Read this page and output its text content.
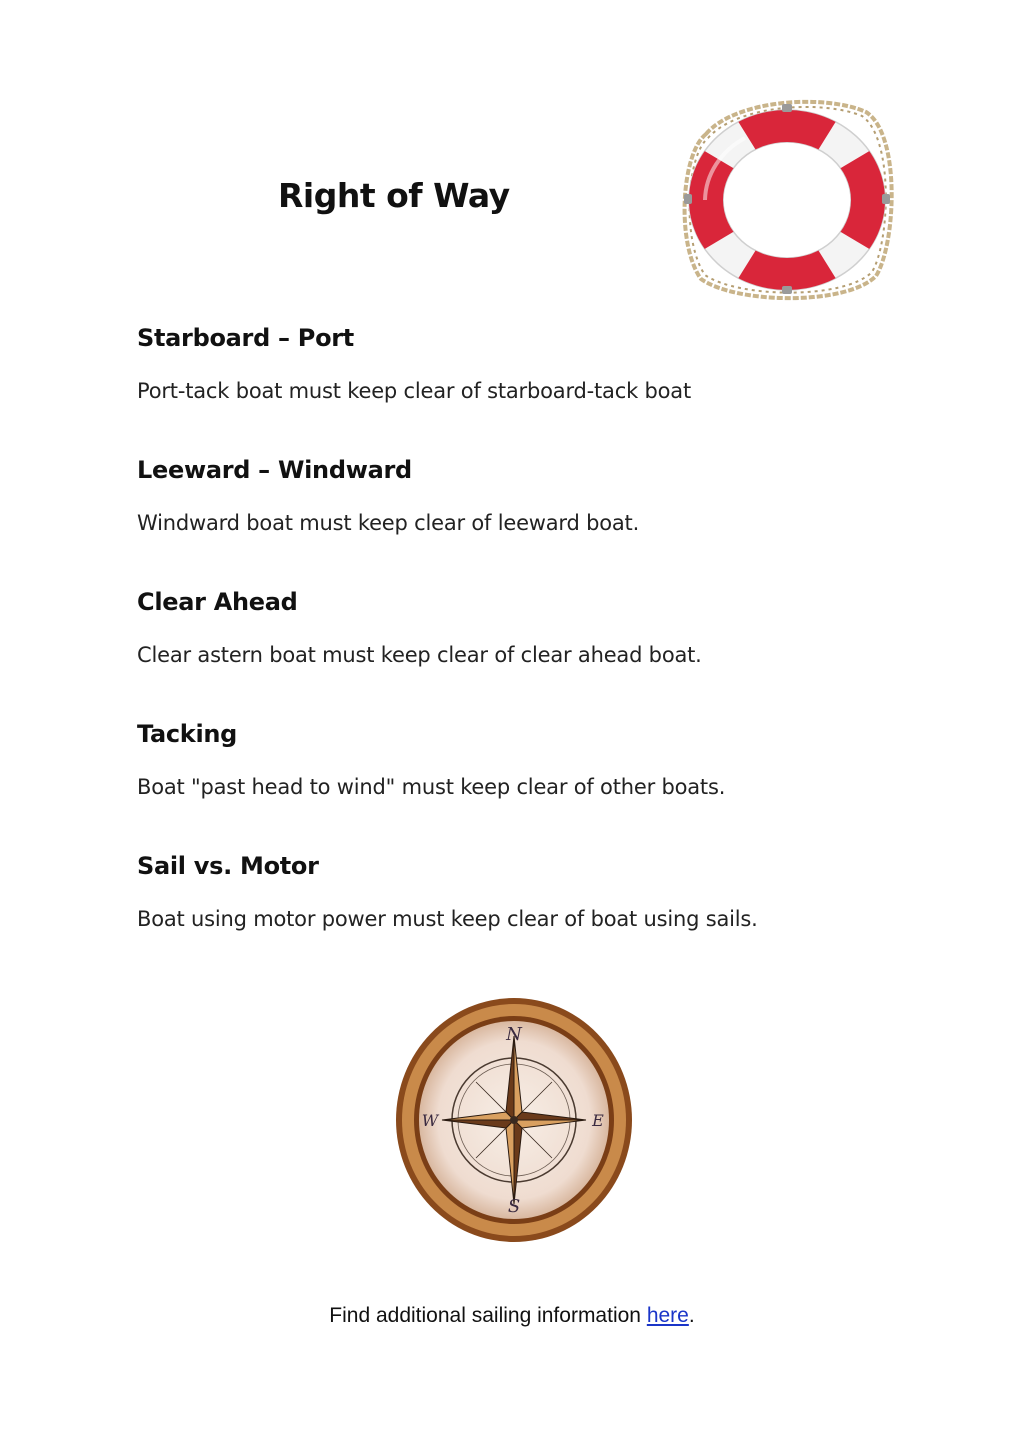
Right of Way
Starboard – Port

Port-tack boat must keep clear of starboard-tack boat

Leeward – Windward

Windward boat must keep clear of leeward boat.

Clear Ahead

Clear astern boat must keep clear of clear ahead boat.

Tacking

Boat "past head to wind" must keep clear of other boats.

Sail vs. Motor

Boat using motor power must keep clear of boat using sails.

N
S
W	E
Find additional sailing information here.
